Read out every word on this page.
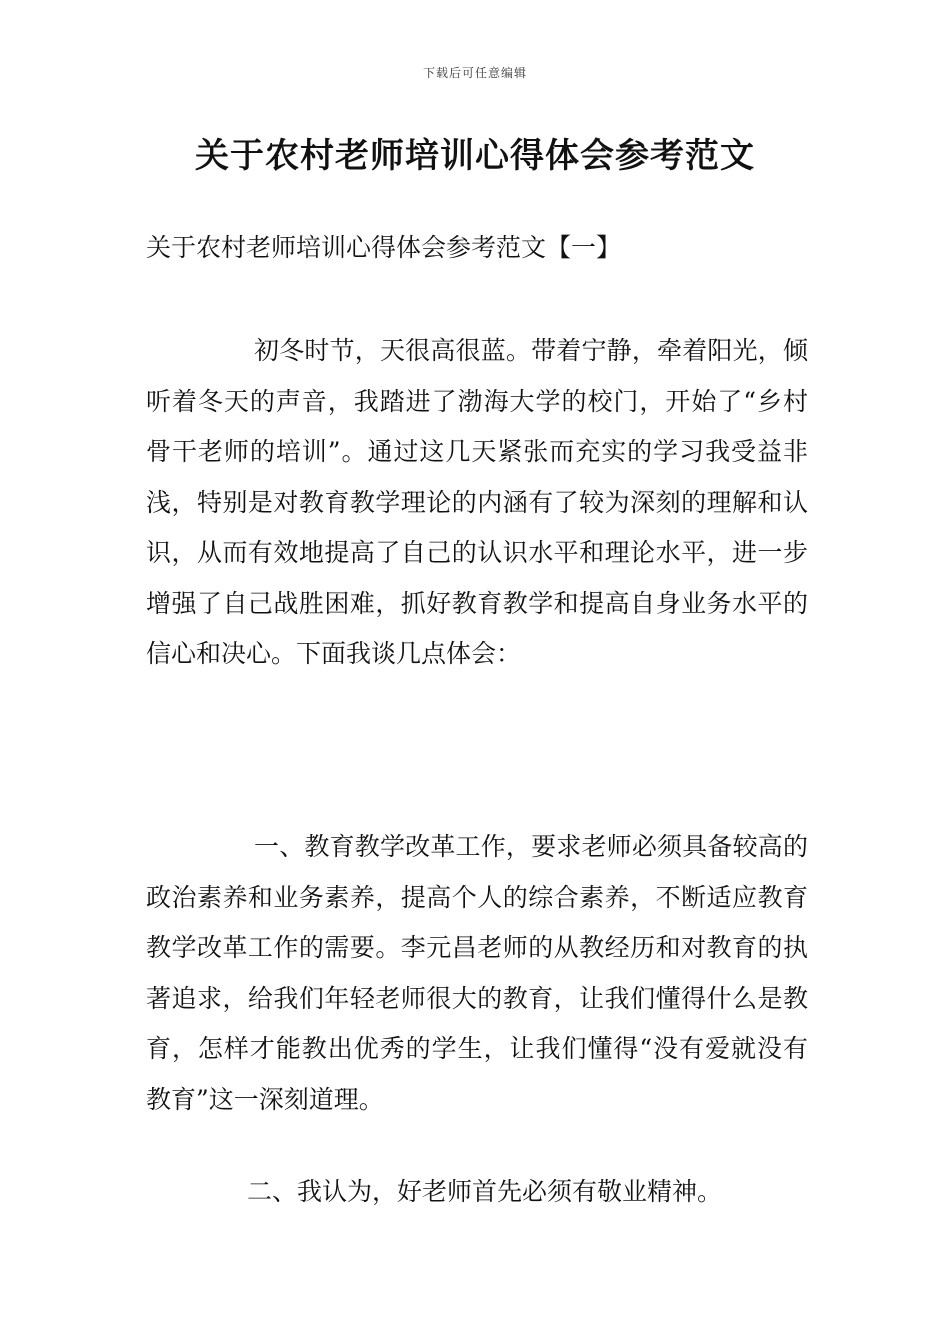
下载后可任意编辑
关于农村老师培训心得体会参考范文
关于农村老师培训心得体会参考范文【一】

初冬时节，天很高很蓝。带着宁静，牵着阳光，倾听着冬天的声音，我踏进了渤海大学的校门，开始了“乡村骨干老师的培训”。通过这几天紧张而充实的学习我受益非浅，特别是对教育教学理论的内涵有了较为深刻的理解和认识，从而有效地提高了自己的认识水平和理论水平，进一步增强了自己战胜困难，抓好教育教学和提高自身业务水平的信心和决心。下面我谈几点体会：

一、教育教学改革工作，要求老师必须具备较高的政治素养和业务素养，提高个人的综合素养，不断适应教育教学改革工作的需要。李元昌老师的从教经历和对教育的执著追求，给我们年轻老师很大的教育，让我们懂得什么是教育，怎样才能教出优秀的学生，让我们懂得“没有爱就没有教育”这一深刻道理。

二、我认为，好老师首先必须有敬业精神。
